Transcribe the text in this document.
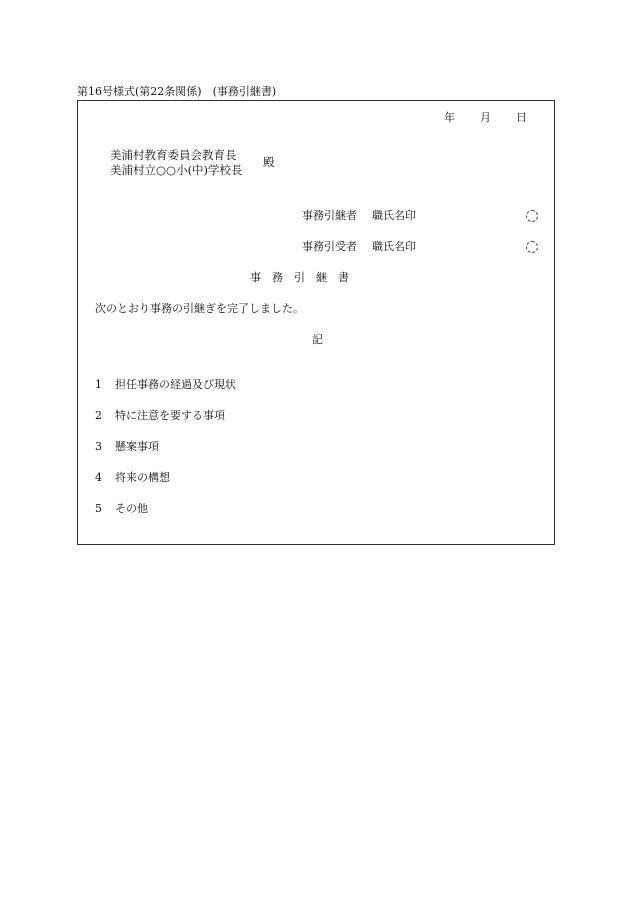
第16号様式(第22条関係)　(事務引継書)
年 月 日
美浦村教育委員会教育長
美浦村立○○小(中)学校長
殿
事務引継者 職氏名印
事務引受者 職氏名印
事　務　引　継　書
次のとおり事務の引継ぎを完了しました。
記
1 担任事務の経過及び現状
2 特に注意を要する事項
3 懸案事項
4 将来の構想
5 その他
